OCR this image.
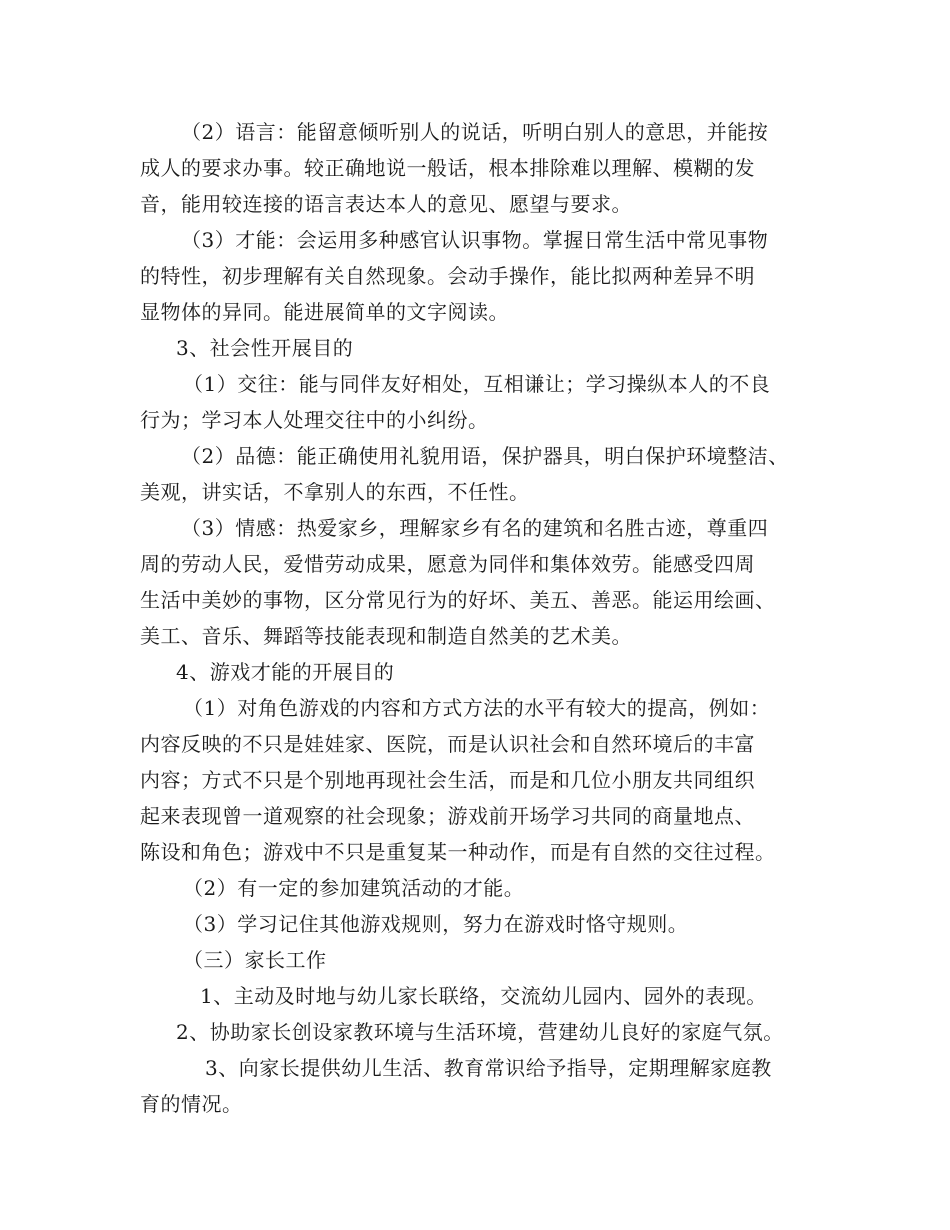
（2）语言：能留意倾听别人的说话，听明白别人的意思，并能按
成人的要求办事。较正确地说一般话，根本排除难以理解、模糊的发
音，能用较连接的语言表达本人的意见、愿望与要求。
（3）才能：会运用多种感官认识事物。掌握日常生活中常见事物
的特性，初步理解有关自然现象。会动手操作，能比拟两种差异不明
显物体的异同。能进展简单的文字阅读。
3、社会性开展目的
（1）交往：能与同伴友好相处，互相谦让；学习操纵本人的不良
行为；学习本人处理交往中的小纠纷。
（2）品德：能正确使用礼貌用语，保护器具，明白保护环境整洁、
美观，讲实话，不拿别人的东西，不任性。
（3）情感：热爱家乡，理解家乡有名的建筑和名胜古迹，尊重四
周的劳动人民，爱惜劳动成果，愿意为同伴和集体效劳。能感受四周
生活中美妙的事物，区分常见行为的好坏、美五、善恶。能运用绘画、
美工、音乐、舞蹈等技能表现和制造自然美的艺术美。
4、游戏才能的开展目的
（1）对角色游戏的内容和方式方法的水平有较大的提高，例如：
内容反映的不只是娃娃家、医院，而是认识社会和自然环境后的丰富
内容；方式不只是个别地再现社会生活，而是和几位小朋友共同组织
起来表现曾一道观察的社会现象；游戏前开场学习共同的商量地点、
陈设和角色；游戏中不只是重复某一种动作，而是有自然的交往过程。
（2）有一定的参加建筑活动的才能。
（3）学习记住其他游戏规则，努力在游戏时恪守规则。
（三）家长工作
1、主动及时地与幼儿家长联络，交流幼儿园内、园外的表现。
2、协助家长创设家教环境与生活环境，营建幼儿良好的家庭气氛。
3、向家长提供幼儿生活、教育常识给予指导，定期理解家庭教
育的情况。
